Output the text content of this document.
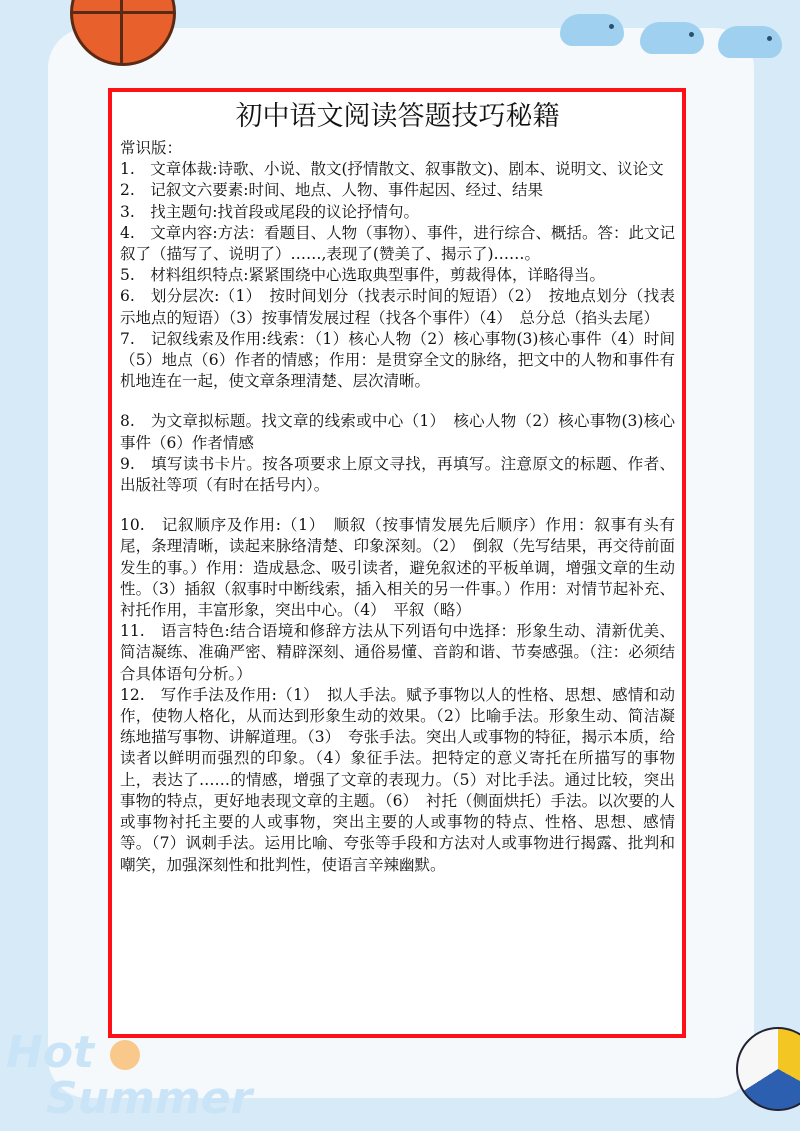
Hot
Summer
初中语文阅读答题技巧秘籍

常识版：

1.　文章体裁:诗歌、小说、散文(抒情散文、叙事散文)、剧本、说明文、议论文

2.　记叙文六要素:时间、地点、人物、事件起因、经过、结果

3.　找主题句:找首段或尾段的议论抒情句。

4.　文章内容:方法：看题目、人物（事物）、事件，进行综合、概括。答：此文记叙了（描写了、说明了）……,表现了(赞美了、揭示了)……。

5.　材料组织特点:紧紧围绕中心选取典型事件，剪裁得体，详略得当。

6.　划分层次:（1）　按时间划分（找表示时间的短语）（2）　按地点划分（找表示地点的短语）（3）按事情发展过程（找各个事件）（4）　总分总（掐头去尾）

7.　记叙线索及作用:线索：（1）核心人物（2）核心事物(3)核心事件（4）时间（5）地点（6）作者的情感；作用：是贯穿全文的脉络，把文中的人物和事件有机地连在一起，使文章条理清楚、层次清晰。

8.　为文章拟标题。找文章的线索或中心（1）　核心人物（2）核心事物(3)核心事件（6）作者情感

9.　填写读书卡片。按各项要求上原文寻找，再填写。注意原文的标题、作者、出版社等项（有时在括号内）。

10.　记叙顺序及作用:（1）　顺叙（按事情发展先后顺序）作用：叙事有头有尾，条理清晰，读起来脉络清楚、印象深刻。（2）　倒叙（先写结果，再交待前面发生的事。）作用：造成悬念、吸引读者，避免叙述的平板单调，增强文章的生动性。（3）插叙（叙事时中断线索，插入相关的另一件事。）作用：对情节起补充、衬托作用，丰富形象，突出中心。（4）　平叙（略）

11.　语言特色:结合语境和修辞方法从下列语句中选择：形象生动、清新优美、简洁凝练、准确严密、精辟深刻、通俗易懂、音韵和谐、节奏感强。（注：必须结合具体语句分析。）

12.　写作手法及作用:（1）　拟人手法。赋予事物以人的性格、思想、感情和动作，使物人格化，从而达到形象生动的效果。（2）比喻手法。形象生动、简洁凝练地描写事物、讲解道理。（3）　夸张手法。突出人或事物的特征，揭示本质，给读者以鲜明而强烈的印象。（4）象征手法。把特定的意义寄托在所描写的事物上，表达了……的情感，增强了文章的表现力。（5）对比手法。通过比较，突出事物的特点，更好地表现文章的主题。（6）　衬托（侧面烘托）手法。以次要的人或事物衬托主要的人或事物，突出主要的人或事物的特点、性格、思想、感情等。（7）讽刺手法。运用比喻、夸张等手段和方法对人或事物进行揭露、批判和嘲笑，加强深刻性和批判性，使语言辛辣幽默。
